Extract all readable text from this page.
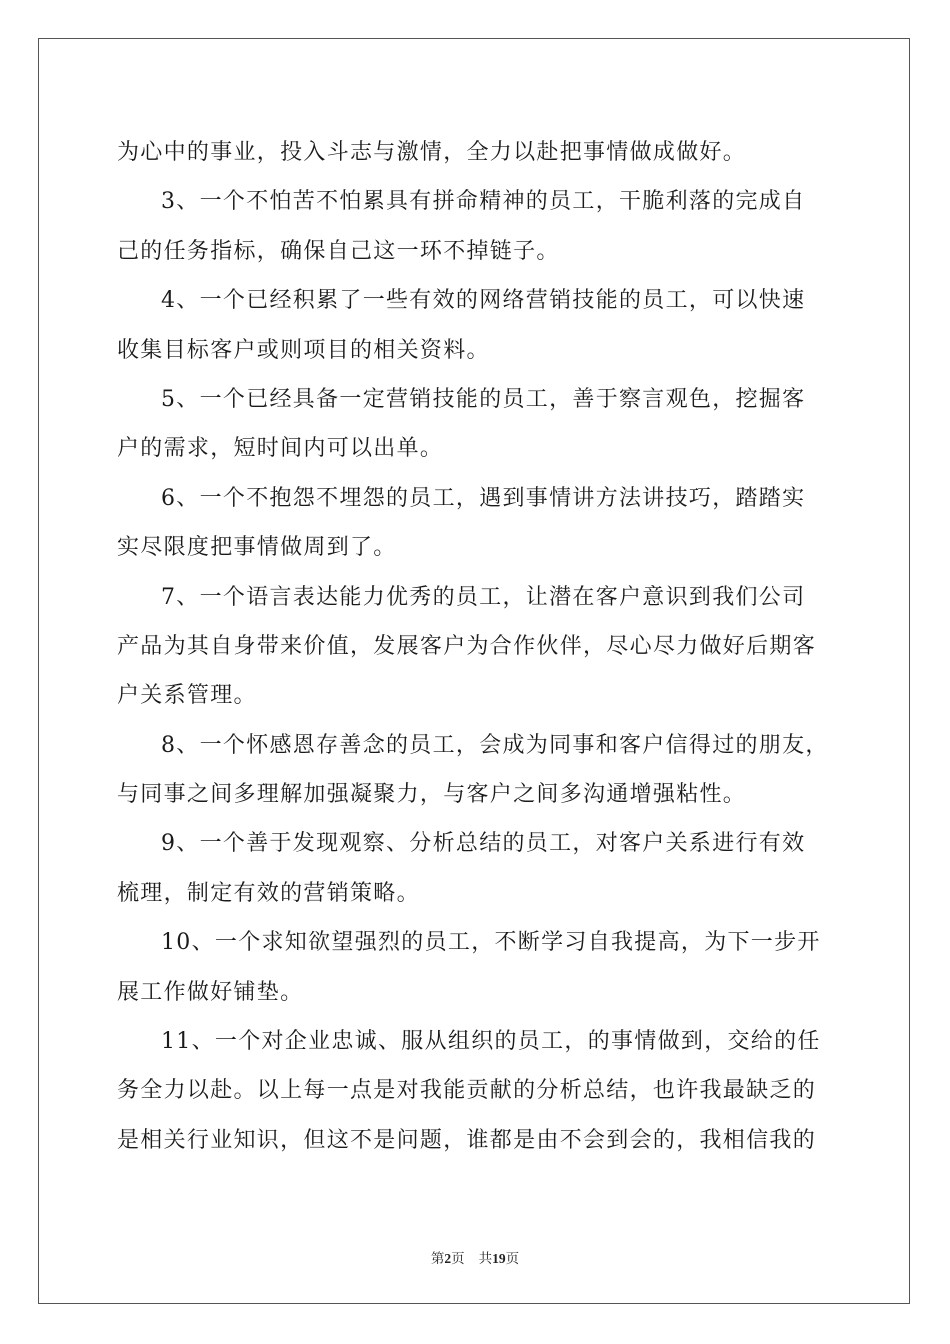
为心中的事业，投入斗志与激情，全力以赴把事情做成做好。
3、一个不怕苦不怕累具有拼命精神的员工，干脆利落的完成自
己的任务指标，确保自己这一环不掉链子。
4、一个已经积累了一些有效的网络营销技能的员工，可以快速
收集目标客户或则项目的相关资料。
5、一个已经具备一定营销技能的员工，善于察言观色，挖掘客
户的需求，短时间内可以出单。
6、一个不抱怨不埋怨的员工，遇到事情讲方法讲技巧，踏踏实
实尽限度把事情做周到了。
7、一个语言表达能力优秀的员工，让潜在客户意识到我们公司
产品为其自身带来价值，发展客户为合作伙伴，尽心尽力做好后期客
户关系管理。
8、一个怀感恩存善念的员工，会成为同事和客户信得过的朋友，
与同事之间多理解加强凝聚力，与客户之间多沟通增强粘性。
9、一个善于发现观察、分析总结的员工，对客户关系进行有效
梳理，制定有效的营销策略。
10、一个求知欲望强烈的员工，不断学习自我提高，为下一步开
展工作做好铺垫。
11、一个对企业忠诚、服从组织的员工，的事情做到，交给的任
务全力以赴。以上每一点是对我能贡献的分析总结，也许我最缺乏的
是相关行业知识，但这不是问题，谁都是由不会到会的，我相信我的
第2页 共19页
